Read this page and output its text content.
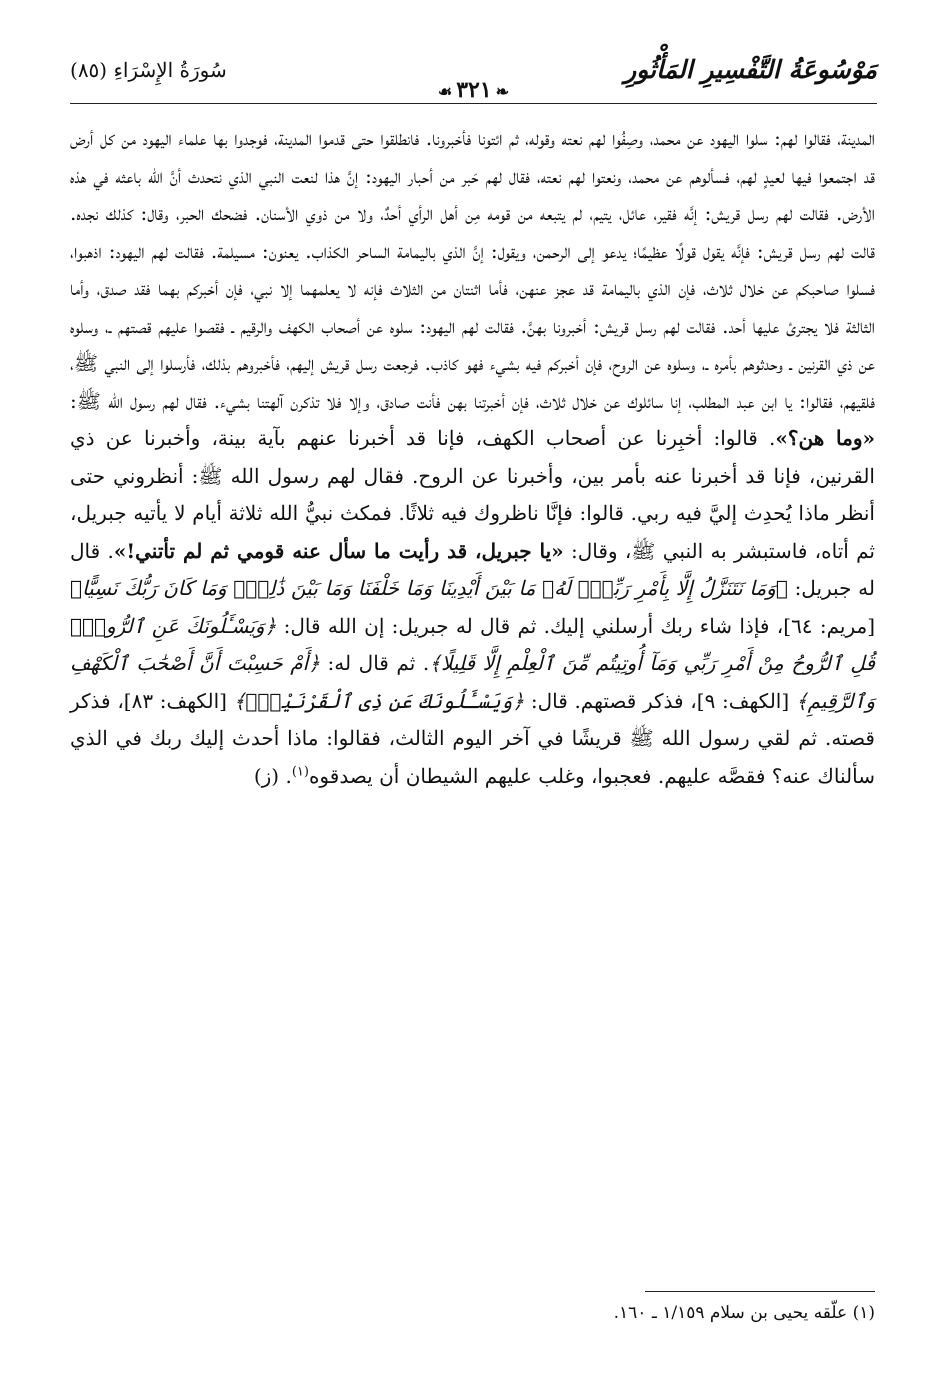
مَوْسُوعَةُ التَّفْسِيرِ المَأْثُورِ
❧٣٢١☙
سُورَةُ الإِسْرَاءِ (٨٥)

المدينة، فقالوا لهم: سلوا اليهود عن محمد، وصِفُوا لهم نعته وقوله، ثم ائتونا فأخبرونا. فانطلقوا حتى قدموا المدينة، فوجدوا بها علماء اليهود من كل أرض قد اجتمعوا فيها لعيدٍ لهم، فسألوهم عن محمد، ونعتوا لهم نعته، فقال لهم حَبر من أحبار اليهود: إنَّ هذا لنعت النبي الذي نتحدث أنَّ الله باعثه في هذه الأرض. فقالت لهم رسل قريش: إنَّه فقير، عائل، يتيم، لم يتبعه من قومه مِن أهل الرأي أحدٌ، ولا من ذوي الأسنان. فضحك الحبر، وقال: كذلك نجده. قالت لهم رسل قريش: فإنَّه يقول قولًا عظيمًا؛ يدعو إلى الرحمن، ويقول: إنَّ الذي باليمامة الساحر الكذاب. يعنون: مسيلمة. فقالت لهم اليهود: اذهبوا، فسلوا صاحبكم عن خلال ثلاث، فإن الذي باليمامة قد عجز عنهن، فأما اثنتان من الثلاث فإنه لا يعلمهما إلا نبي، فإن أخبركم بهما فقد صدق، وأما الثالثة فلا يجترئ عليها أحد. فقالت لهم رسل قريش: أخبرونا بهنَّ. فقالت لهم اليهود: سلوه عن أصحاب الكهف والرقيم ـ فقصوا عليهم قصتهم ـ، وسلوه عن ذي القرنين ـ وحدثوهم بأمره ـ، وسلوه عن الروح، فإن أخبركم فيه بشيء فهو كاذب. فرجعت رسل قريش إليهم، فأخبروهم بذلك، فأرسلوا إلى النبي ﷺ، فلقيهم، فقالوا: يا ابن عبد المطلب، إنا سائلوك عن خلال ثلاث، فإن أخبرتنا بهن فأنت صادق، وإلا فلا تذكرن آلهتنا بشيء. فقال لهم رسول الله ﷺ: «وما هن؟». قالوا: أخبِرنا عن أصحاب الكهف، فإنا قد أخبرنا عنهم بآية بينة، وأخبرنا عن ذي القرنين، فإنا قد أخبرنا عنه بأمر بين، وأخبرنا عن الروح. فقال لهم رسول الله ﷺ: أنظروني حتى أنظر ماذا يُحدِث إليَّ فيه ربي. قالوا: فإنَّا ناظروك فيه ثلاثًا. فمكث نبيُّ الله ثلاثة أيام لا يأتيه جبريل، ثم أتاه، فاستبشر به النبي ﷺ، وقال: «يا جبريل، قد رأيت ما سأل عنه قومي ثم لم تأتني!». قال له جبريل: ﴿وَمَا نَتَنَزَّلُ إِلَّا بِأَمْرِ رَبِّكَۖ لَهُۥ مَا بَيْنَ أَيْدِينَا وَمَا خَلْفَنَا وَمَا بَيْنَ ذَٰلِكَۚ وَمَا كَانَ رَبُّكَ نَسِيًّا﴾ [مريم: ٦٤]، فإذا شاء ربك أرسلني إليك. ثم قال له جبريل: إن الله قال: ﴿وَيَسْـَٔلُونَكَ عَنِ ٱلرُّوحِۖ قُلِ ٱلرُّوحُ مِنْ أَمْرِ رَبِّي وَمَآ أُوتِيتُم مِّنَ ٱلْعِلْمِ إِلَّا قَلِيلًا﴾. ثم قال له: ﴿أَمْ حَسِبْتَ أَنَّ أَصْحَٰبَ ٱلْكَهْفِ وَٱلرَّقِيمِ﴾ [الكهف: ٩]، فذكر قصتهم. قال: ﴿وَيَسْـَٔلُونَكَ عَن ذِى ٱلْقَرْنَيْنِۖ﴾ [الكهف: ٨٣]، فذكر قصته. ثم لقي رسول الله ﷺ قريشًا في آخر اليوم الثالث، فقالوا: ماذا أحدث إليك ربك في الذي سألناك عنه؟ فقصَّه عليهم. فعجبوا، وغلب عليهم الشيطان أن يصدقوه$^{(١)}$. (ز)

(١) علّقه يحيى بن سلام ١/١٥٩ ـ ١٦٠.
